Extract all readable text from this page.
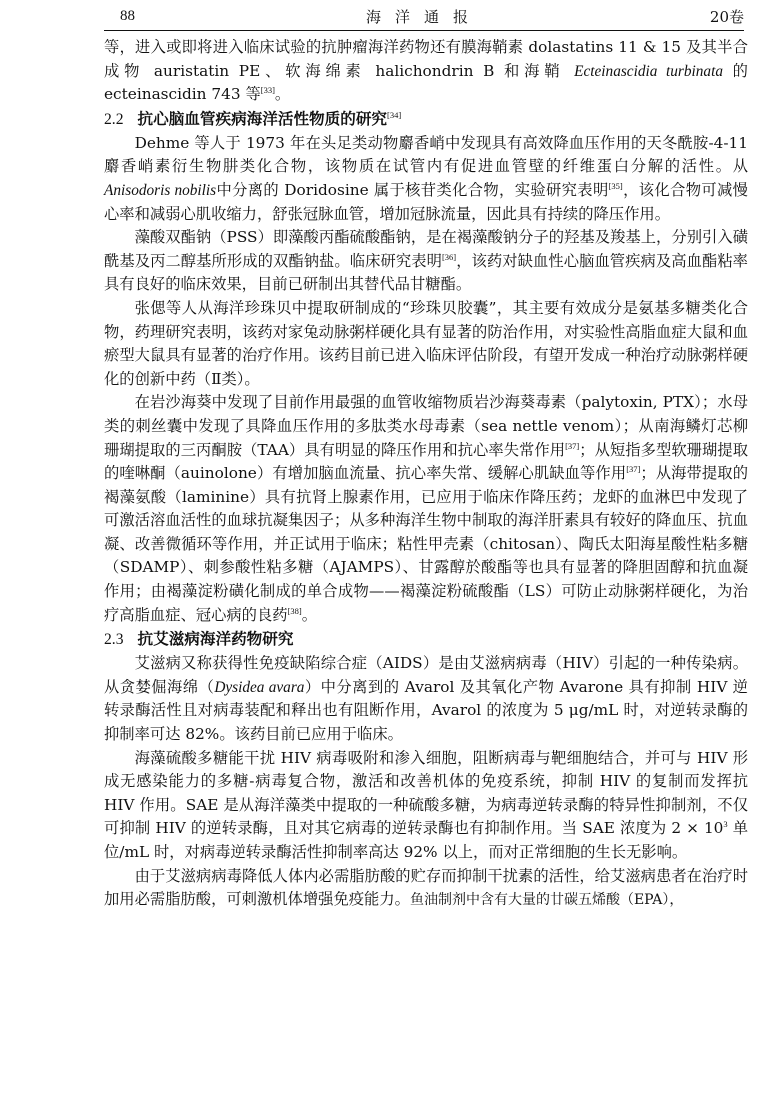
88	海洋通报	20卷

等，进入或即将进入临床试验的抗肿瘤海洋药物还有膜海鞘素 dolastatins 11 & 15 及其半合成物 auristatin PE、软海绵素 halichondrin B 和海鞘 Ecteinascidia turbinata 的 ecteinascidin 743 等[33]。

2.2 抗心脑血管疾病海洋活性物质的研究[34]

Dehme 等人于 1973 年在头足类动物麝香峭中发现具有高效降血压作用的天冬酰胺-4-11 麝香峭素衍生物肼类化合物，该物质在试管内有促进血管壁的纤维蛋白分解的活性。从Anisodoris nobilis中分离的 Doridosine 属于核苷类化合物，实验研究表明[35]，该化合物可减慢心率和减弱心肌收缩力，舒张冠脉血管，增加冠脉流量，因此具有持续的降压作用。

藻酸双酯钠（PSS）即藻酸丙酯硫酸酯钠，是在褐藻酸钠分子的羟基及羧基上，分别引入磺酰基及丙二醇基所形成的双酯钠盐。临床研究表明[36]，该药对缺血性心脑血管疾病及高血酯粘率具有良好的临床效果，目前已研制出其替代品甘糖酯。

张偲等人从海洋珍珠贝中提取研制成的“珍珠贝胶囊”，其主要有效成分是氨基多糖类化合物，药理研究表明，该药对家兔动脉粥样硬化具有显著的防治作用，对实验性高脂血症大鼠和血瘀型大鼠具有显著的治疗作用。该药目前已进入临床评估阶段，有望开发成一种治疗动脉粥样硬化的创新中药（Ⅱ类）。

在岩沙海葵中发现了目前作用最强的血管收缩物质岩沙海葵毒素（palytoxin, PTX）；水母类的刺丝囊中发现了具降血压作用的多肽类水母毒素（sea nettle venom）；从南海鳞灯芯柳珊瑚提取的三丙酮胺（TAA）具有明显的降压作用和抗心率失常作用[37]；从短指多型软珊瑚提取的喹啉酮（auinolone）有增加脑血流量、抗心率失常、缓解心肌缺血等作用[37]；从海带提取的褐藻氨酸（laminine）具有抗肾上腺素作用，已应用于临床作降压药；龙虾的血淋巴中发现了可激活溶血活性的血球抗凝集因子；从多种海洋生物中制取的海洋肝素具有较好的降血压、抗血凝、改善微循环等作用，并正试用于临床；粘性甲壳素（chitosan）、陶氏太阳海星酸性粘多糖（SDAMP）、刺参酸性粘多糖（AJAMPS）、甘露醇於酸酯等也具有显著的降胆固醇和抗血凝作用；由褐藻淀粉磺化制成的单合成物——褐藻淀粉硫酸酯（LS）可防止动脉粥样硬化，为治疗高脂血症、冠心病的良药[38]。

2.3 抗艾滋病海洋药物研究

艾滋病又称获得性免疫缺陷综合症（AIDS）是由艾滋病病毒（HIV）引起的一种传染病。从贪婪倔海绵（Dysidea avara）中分离到的 Avarol 及其氧化产物 Avarone 具有抑制 HIV 逆转录酶活性且对病毒装配和释出也有阻断作用，Avarol 的浓度为 5 μg/mL 时，对逆转录酶的抑制率可达 82%。该药目前已应用于临床。

海藻硫酸多糖能干扰 HIV 病毒吸附和渗入细胞，阻断病毒与靶细胞结合，并可与 HIV 形成无感染能力的多糖-病毒复合物，激活和改善机体的免疫系统，抑制 HIV 的复制而发挥抗 HIV 作用。SAE 是从海洋藻类中提取的一种硫酸多糖，为病毒逆转录酶的特异性抑制剂，不仅可抑制 HIV 的逆转录酶，且对其它病毒的逆转录酶也有抑制作用。当 SAE 浓度为 $2 \times 10^3$ 单位/mL 时，对病毒逆转录酶活性抑制率高达 92% 以上，而对正常细胞的生长无影响。

由于艾滋病病毒降低人体内必需脂肪酸的贮存而抑制干扰素的活性，给艾滋病患者在治疗时加用必需脂肪酸，可刺激机体增强免疫能力。鱼油制剂中含有大量的廿碳五烯酸（EPA），
